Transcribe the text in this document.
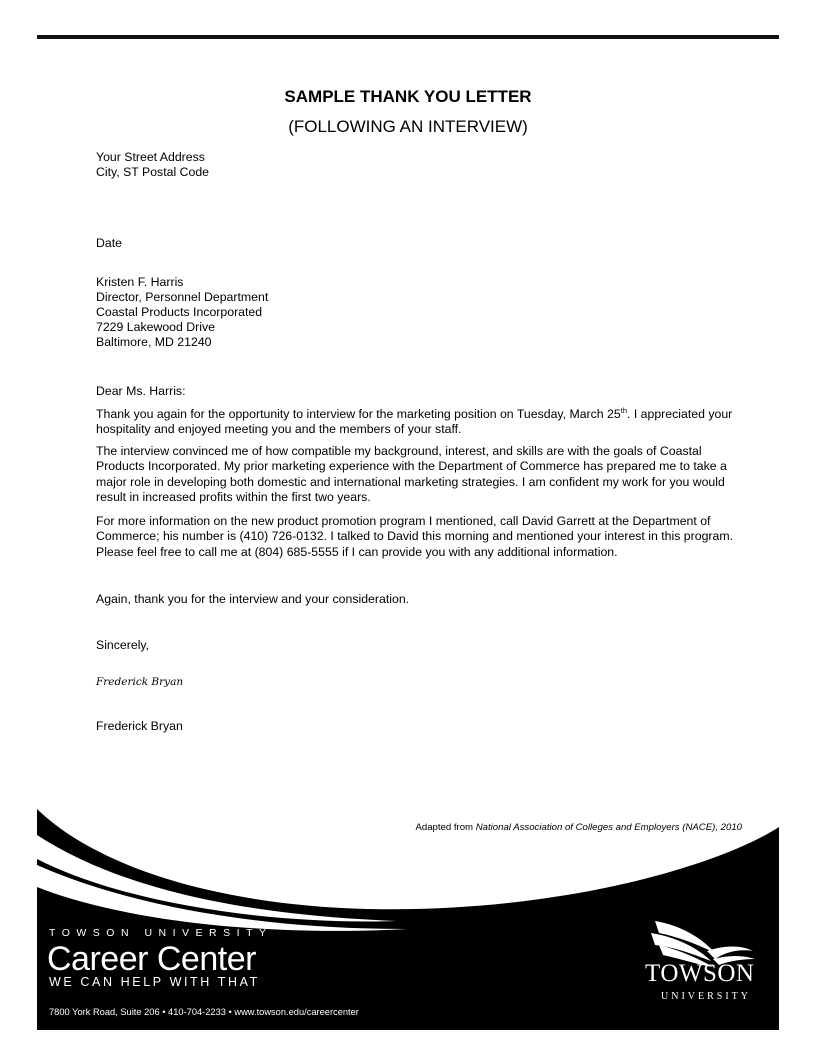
SAMPLE THANK YOU LETTER
(FOLLOWING AN INTERVIEW)
Your Street Address
City, ST Postal Code
Date
Kristen F. Harris
Director, Personnel Department
Coastal Products Incorporated
7229 Lakewood Drive
Baltimore, MD 21240
Dear Ms. Harris:

Thank you again for the opportunity to interview for the marketing position on Tuesday, March 25th. I appreciated your hospitality and enjoyed meeting you and the members of your staff.

The interview convinced me of how compatible my background, interest, and skills are with the goals of Coastal Products Incorporated. My prior marketing experience with the Department of Commerce has prepared me to take a major role in developing both domestic and international marketing strategies. I am confident my work for you would result in increased profits within the first two years.

For more information on the new product promotion program I mentioned, call David Garrett at the Department of Commerce; his number is (410) 726-0132. I talked to David this morning and mentioned your interest in this program. Please feel free to call me at (804) 685-5555 if I can provide you with any additional information.

Again, thank you for the interview and your consideration.

Sincerely,
Frederick Bryan
Frederick Bryan
Adapted from National Association of Colleges and Employers (NACE), 2010
TOWSON UNIVERSITY
Career Center
WE CAN HELP WITH THAT
7800 York Road, Suite 206 • 410-704-2233 • www.towson.edu/careercenter
TOWSON
UNIVERSITY
